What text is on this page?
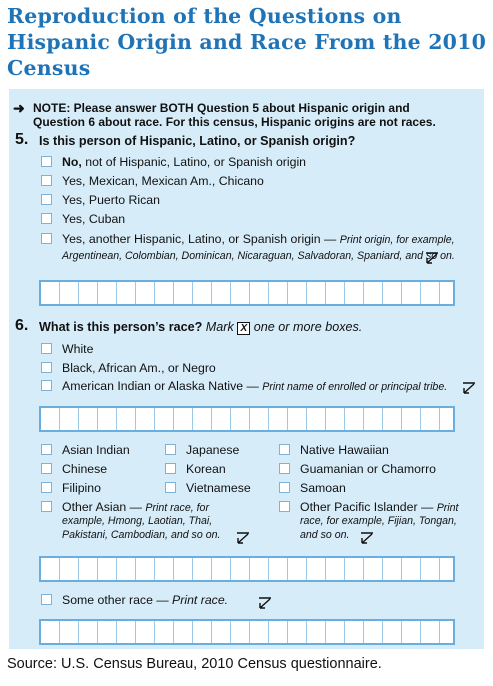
Reproduction of the Questions on Hispanic Origin and Race From the 2010 Census
➜ NOTE: Please answer BOTH Question 5 about Hispanic origin and
Question 6 about race. For this census, Hispanic origins are not races.
5. Is this person of Hispanic, Latino, or Spanish origin?
No, not of Hispanic, Latino, or Spanish origin
Yes, Mexican, Mexican Am., Chicano
Yes, Puerto Rican
Yes, Cuban
Yes, another Hispanic, Latino, or Spanish origin — Print origin, for example,
Argentinean, Colombian, Dominican, Nicaraguan, Salvadoran, Spaniard, and so on.
6. What is this person’s race? Mark X one or more boxes.
White
Black, African Am., or Negro
American Indian or Alaska Native — Print name of enrolled or principal tribe.
Asian Indian
Chinese
Filipino
Japanese
Korean
Vietnamese
Native Hawaiian
Guamanian or Chamorro
Samoan
Other Asian — Print race, for
example, Hmong, Laotian, Thai,
Pakistani, Cambodian, and so on.
Other Pacific Islander — Print
race, for example, Fijian, Tongan,
and so on.
Some other race — Print race.
Source: U.S. Census Bureau, 2010 Census questionnaire.
